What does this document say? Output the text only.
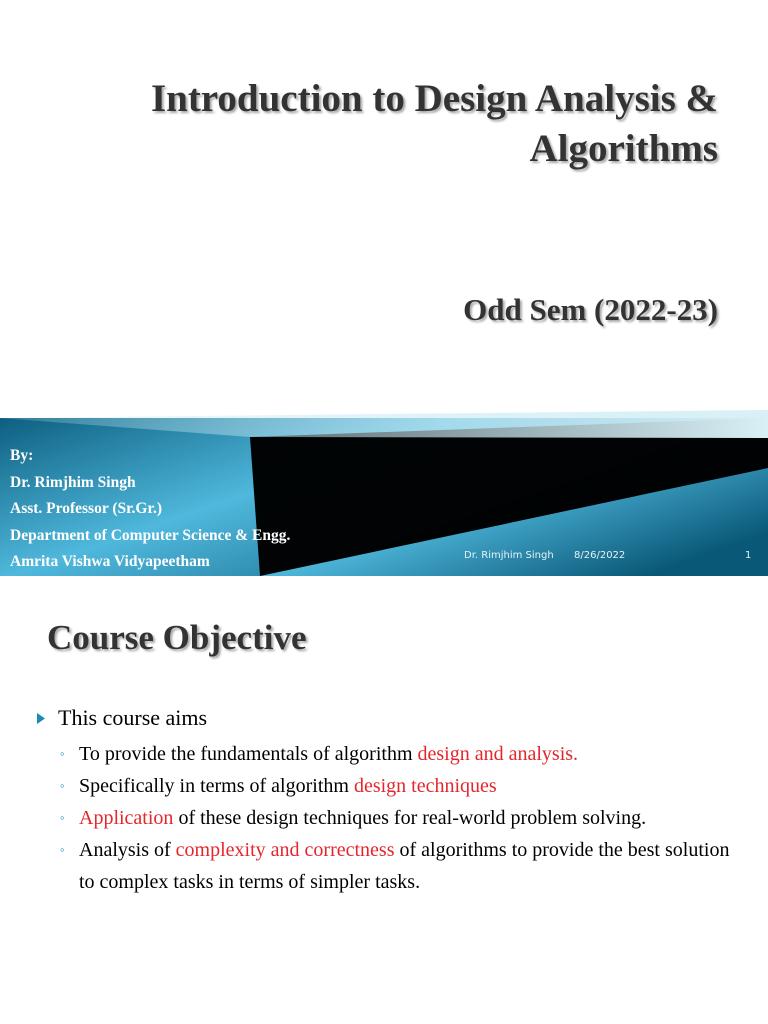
Introduction to Design Analysis &
Algorithms
Odd Sem (2022-23)
By:
Dr. Rimjhim Singh
Asst. Professor (Sr.Gr.)
Department of Computer Science & Engg.
Amrita Vishwa Vidyapeetham	Dr. Rimjhim Singh 8/26/2022	1
Course Objective
This course aims
◦ To provide the fundamentals of algorithm design and analysis.
◦ Specifically in terms of algorithm design techniques
◦ Application of these design techniques for real-world problem solving.
◦ Analysis of complexity and correctness of algorithms to provide the best solution to complex tasks in terms of simpler tasks.
